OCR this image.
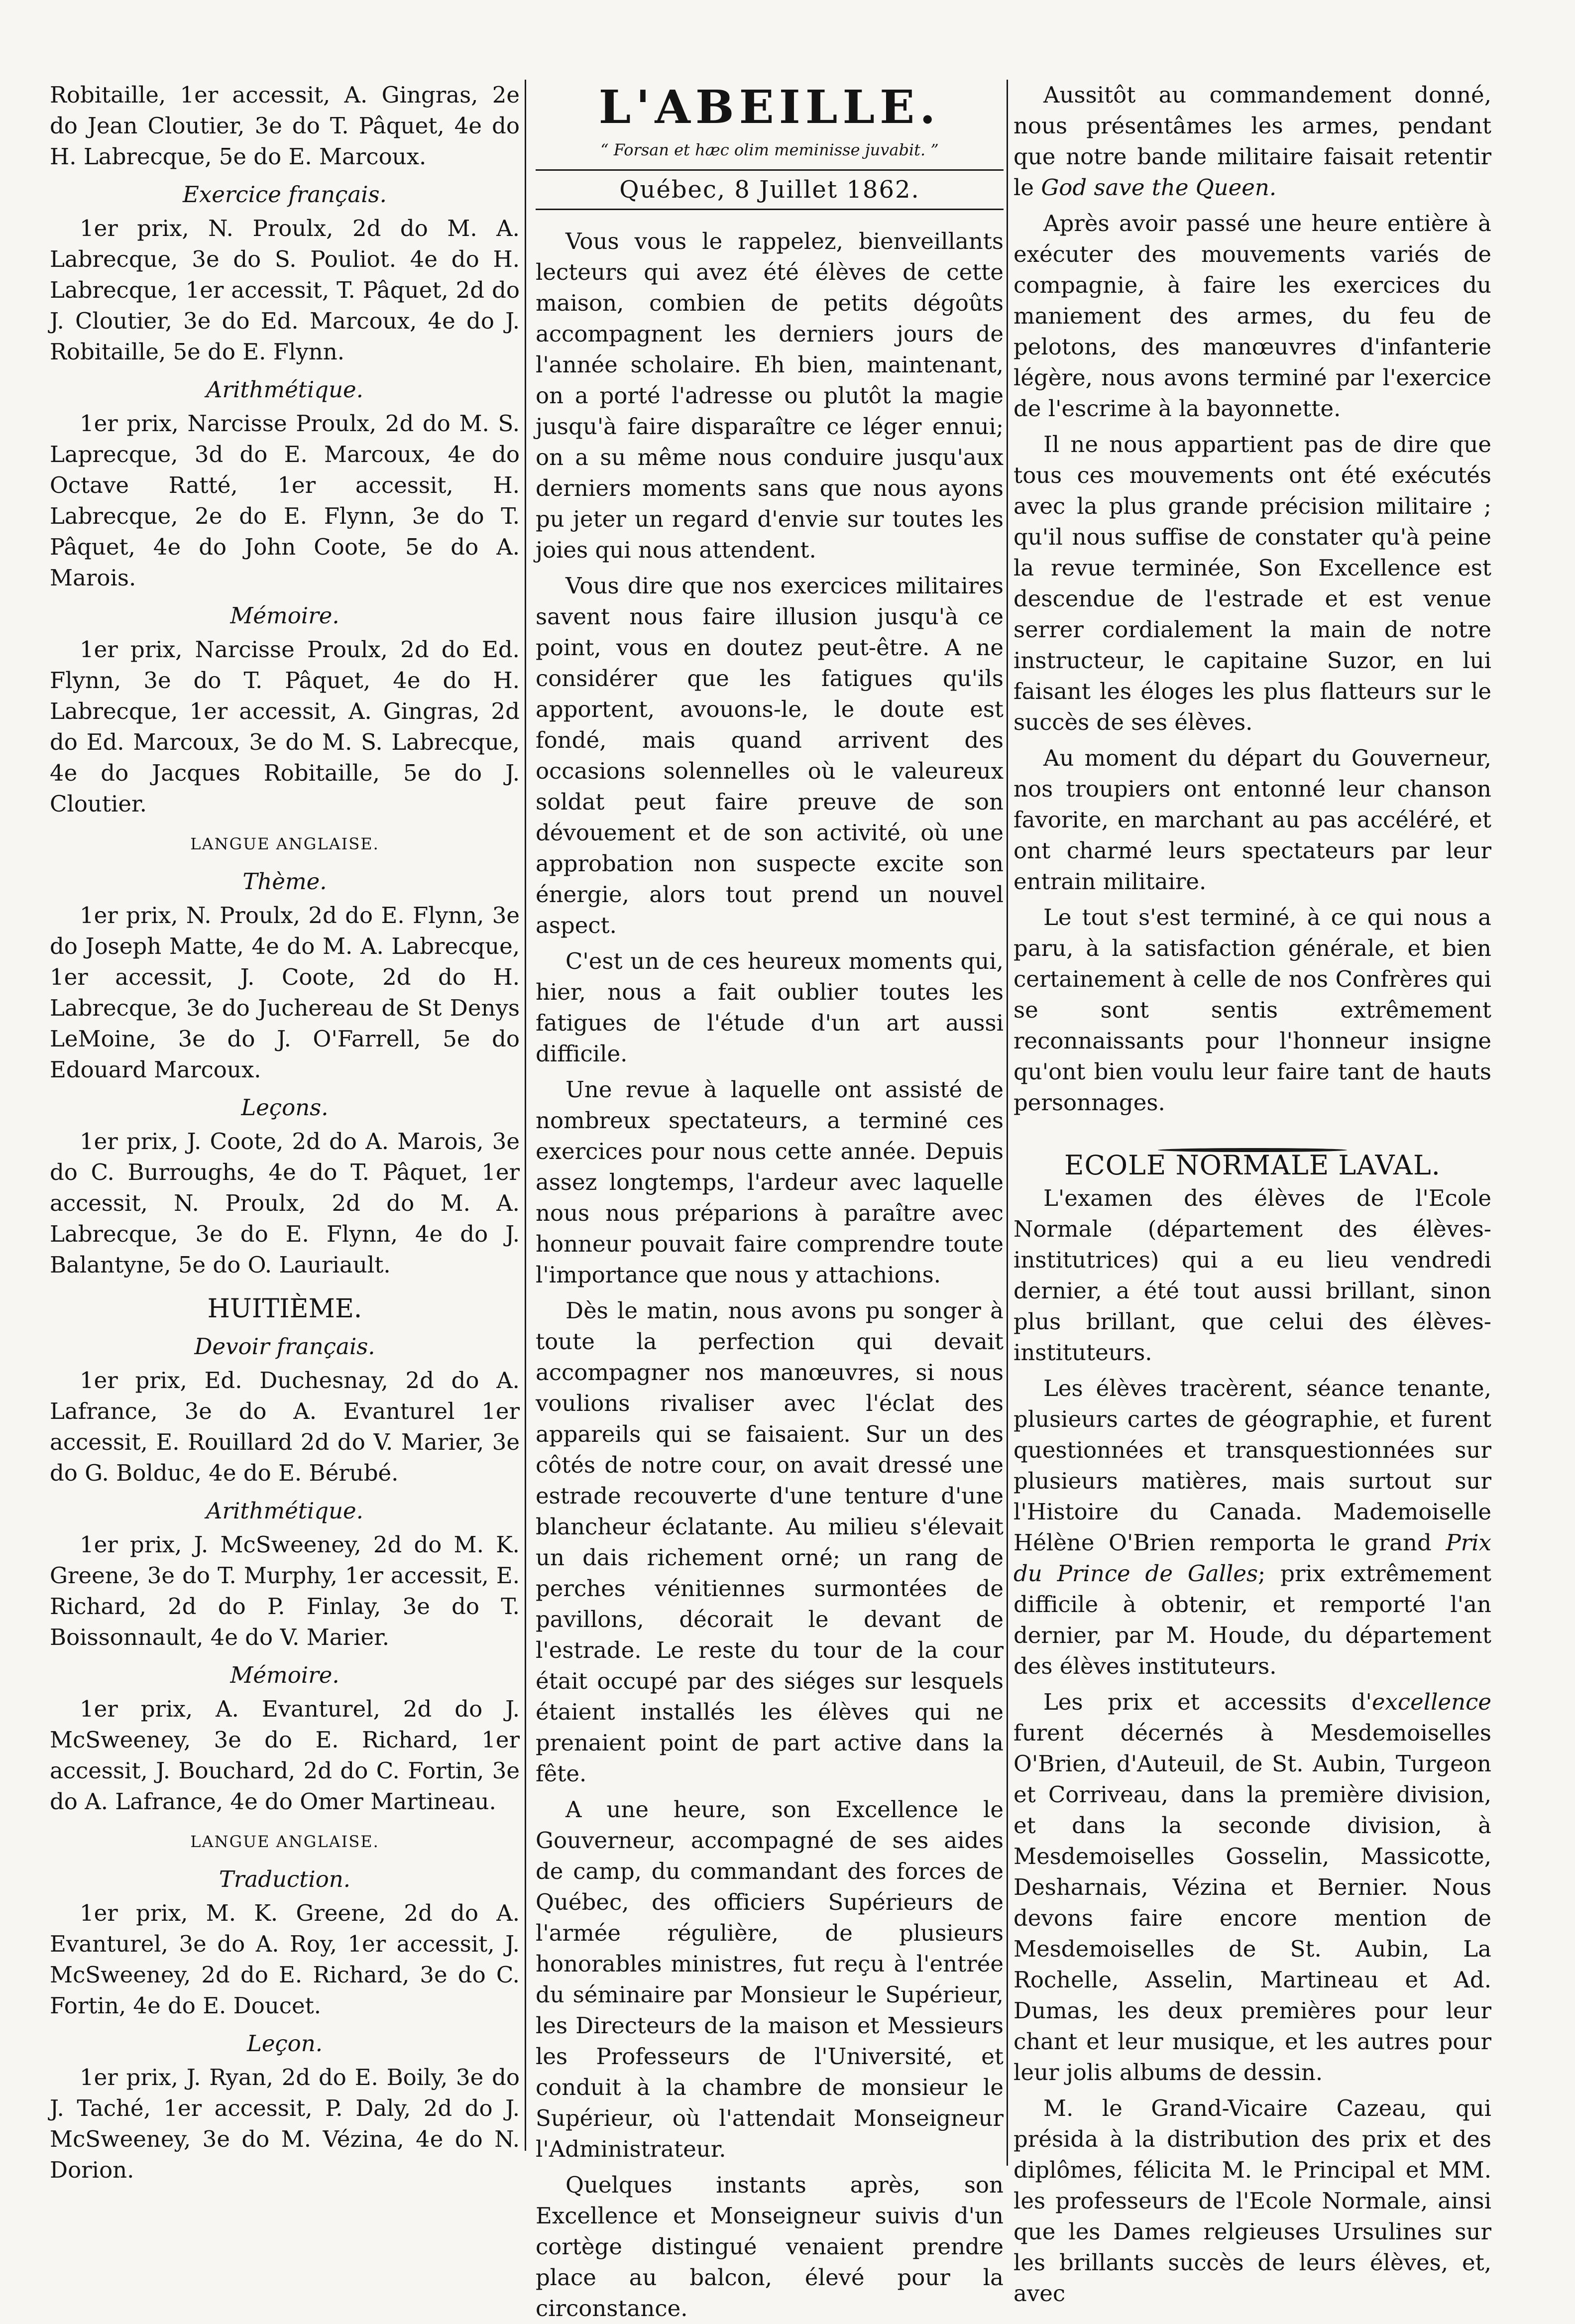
Robitaille, 1er accessit, A. Gingras, 2e do Jean Cloutier, 3e do T. Pâquet, 4e do H. Labrecque, 5e do E. Marcoux.

Exercice français.

1er prix, N. Proulx, 2d do M. A. Labrecque, 3e do S. Pouliot. 4e do H. Labrecque, 1er accessit, T. Pâquet, 2d do J. Cloutier, 3e do Ed. Marcoux, 4e do J. Robitaille, 5e do E. Flynn.

Arithmétique.

1er prix, Narcisse Proulx, 2d do M. S. Laprecque, 3d do E. Marcoux, 4e do Octave Ratté, 1er accessit, H. Labrecque, 2e do E. Flynn, 3e do T. Pâquet, 4e do John Coote, 5e do A. Marois.

Mémoire.

1er prix, Narcisse Proulx, 2d do Ed. Flynn, 3e do T. Pâquet, 4e do H. Labrecque, 1er accessit, A. Gingras, 2d do Ed. Marcoux, 3e do M. S. Labrecque, 4e do Jacques Robitaille, 5e do J. Cloutier.

LANGUE ANGLAISE.
Thème.

1er prix, N. Proulx, 2d do E. Flynn, 3e do Joseph Matte, 4e do M. A. Labrecque, 1er accessit, J. Coote, 2d do H. Labrecque, 3e do Juchereau de St Denys LeMoine, 3e do J. O'Farrell, 5e do Edouard Marcoux.

Leçons.

1er prix, J. Coote, 2d do A. Marois, 3e do C. Burroughs, 4e do T. Pâquet, 1er accessit, N. Proulx, 2d do M. A. Labrecque, 3e do E. Flynn, 4e do J. Balantyne, 5e do O. Lauriault.

HUITIÈME.
Devoir français.

1er prix, Ed. Duchesnay, 2d do A. Lafrance, 3e do A. Evanturel 1er accessit, E. Rouillard 2d do V. Marier, 3e do G. Bolduc, 4e do E. Bérubé.

Arithmétique.

1er prix, J. McSweeney, 2d do M. K. Greene, 3e do T. Murphy, 1er accessit, E. Richard, 2d do P. Finlay, 3e do T. Boissonnault, 4e do V. Marier.

Mémoire.

1er prix, A. Evanturel, 2d do J. McSweeney, 3e do E. Richard, 1er accessit, J. Bouchard, 2d do C. Fortin, 3e do A. Lafrance, 4e do Omer Martineau.

LANGUE ANGLAISE.
Traduction.

1er prix, M. K. Greene, 2d do A. Evanturel, 3e do A. Roy, 1er accessit, J. McSweeney, 2d do E. Richard, 3e do C. Fortin, 4e do E. Doucet.

Leçon.

1er prix, J. Ryan, 2d do E. Boily, 3e do J. Taché, 1er accessit, P. Daly, 2d do J. McSweeney, 3e do M. Vézina, 4e do N. Dorion.

L'ABEILLE.
“ Forsan et hæc olim meminisse juvabit. ”
Québec, 8 Juillet 1862.

Vous vous le rappelez, bienveillants lecteurs qui avez été élèves de cette maison, combien de petits dégoûts accompagnent les derniers jours de l'année scholaire. Eh bien, maintenant, on a porté l'adresse ou plutôt la magie jusqu'à faire disparaître ce léger ennui; on a su même nous conduire jusqu'aux derniers moments sans que nous ayons pu jeter un regard d'envie sur toutes les joies qui nous attendent.

Vous dire que nos exercices militaires savent nous faire illusion jusqu'à ce point, vous en doutez peut-être. A ne considérer que les fatigues qu'ils apportent, avouons-le, le doute est fondé, mais quand arrivent des occasions solennelles où le valeureux soldat peut faire preuve de son dévouement et de son activité, où une approbation non suspecte excite son énergie, alors tout prend un nouvel aspect.

C'est un de ces heureux moments qui, hier, nous a fait oublier toutes les fatigues de l'étude d'un art aussi difficile.

Une revue à laquelle ont assisté de nombreux spectateurs, a terminé ces exercices pour nous cette année. Depuis assez longtemps, l'ardeur avec laquelle nous nous préparions à paraître avec honneur pouvait faire comprendre toute l'importance que nous y attachions.

Dès le matin, nous avons pu songer à toute la perfection qui devait accompagner nos manœuvres, si nous voulions rivaliser avec l'éclat des appareils qui se faisaient. Sur un des côtés de notre cour, on avait dressé une estrade recouverte d'une tenture d'une blancheur éclatante. Au milieu s'élevait un dais richement orné; un rang de perches vénitiennes surmontées de pavillons, décorait le devant de l'estrade. Le reste du tour de la cour était occupé par des siéges sur lesquels étaient installés les élèves qui ne prenaient point de part active dans la fête.

A une heure, son Excellence le Gouverneur, accompagné de ses aides de camp, du commandant des forces de Québec, des officiers Supérieurs de l'armée régulière, de plusieurs honorables ministres, fut reçu à l'entrée du séminaire par Monsieur le Supérieur, les Directeurs de la maison et Messieurs les Professeurs de l'Université, et conduit à la chambre de monsieur le Supérieur, où l'attendait Monseigneur l'Administrateur.

Quelques instants après, son Excellence et Monseigneur suivis d'un cortège distingué venaient prendre place au balcon, élevé pour la circonstance.

Aussitôt au commandement donné, nous présentâmes les armes, pendant que notre bande militaire faisait retentir le God save the Queen.

Après avoir passé une heure entière à exécuter des mouvements variés de compagnie, à faire les exercices du maniement des armes, du feu de pelotons, des manœuvres d'infanterie légère, nous avons terminé par l'exercice de l'escrime à la bayonnette.

Il ne nous appartient pas de dire que tous ces mouvements ont été exécutés avec la plus grande précision militaire ; qu'il nous suffise de constater qu'à peine la revue terminée, Son Excellence est descendue de l'estrade et est venue serrer cordialement la main de notre instructeur, le capitaine Suzor, en lui faisant les éloges les plus flatteurs sur le succès de ses élèves.

Au moment du départ du Gouverneur, nos troupiers ont entonné leur chanson favorite, en marchant au pas accéléré, et ont charmé leurs spectateurs par leur entrain militaire.

Le tout s'est terminé, à ce qui nous a paru, à la satisfaction générale, et bien certainement à celle de nos Confrères qui se sont sentis extrêmement reconnaissants pour l'honneur insigne qu'ont bien voulu leur faire tant de hauts personnages.

ECOLE NORMALE LAVAL.

L'examen des élèves de l'Ecole Normale (département des élèves-institutrices) qui a eu lieu vendredi dernier, a été tout aussi brillant, sinon plus brillant, que celui des élèves-instituteurs.

Les élèves tracèrent, séance tenante, plusieurs cartes de géographie, et furent questionnées et transquestionnées sur plusieurs matières, mais surtout sur l'Histoire du Canada. Mademoiselle Hélène O'Brien remporta le grand Prix du Prince de Galles; prix extrêmement difficile à obtenir, et remporté l'an dernier, par M. Houde, du département des élèves instituteurs.

Les prix et accessits d'excellence furent décernés à Mesdemoiselles O'Brien, d'Auteuil, de St. Aubin, Turgeon et Corriveau, dans la première division, et dans la seconde division, à Mesdemoiselles Gosselin, Massicotte, Desharnais, Vézina et Bernier. Nous devons faire encore mention de Mesdemoiselles de St. Aubin, La Rochelle, Asselin, Martineau et Ad. Dumas, les deux premières pour leur chant et leur musique, et les autres pour leur jolis albums de dessin.

M. le Grand-Vicaire Cazeau, qui présida à la distribution des prix et des diplômes, félicita M. le Principal et MM. les professeurs de l'Ecole Normale, ainsi que les Dames relgieuses Ursulines sur les brillants succès de leurs élèves, et, avec
